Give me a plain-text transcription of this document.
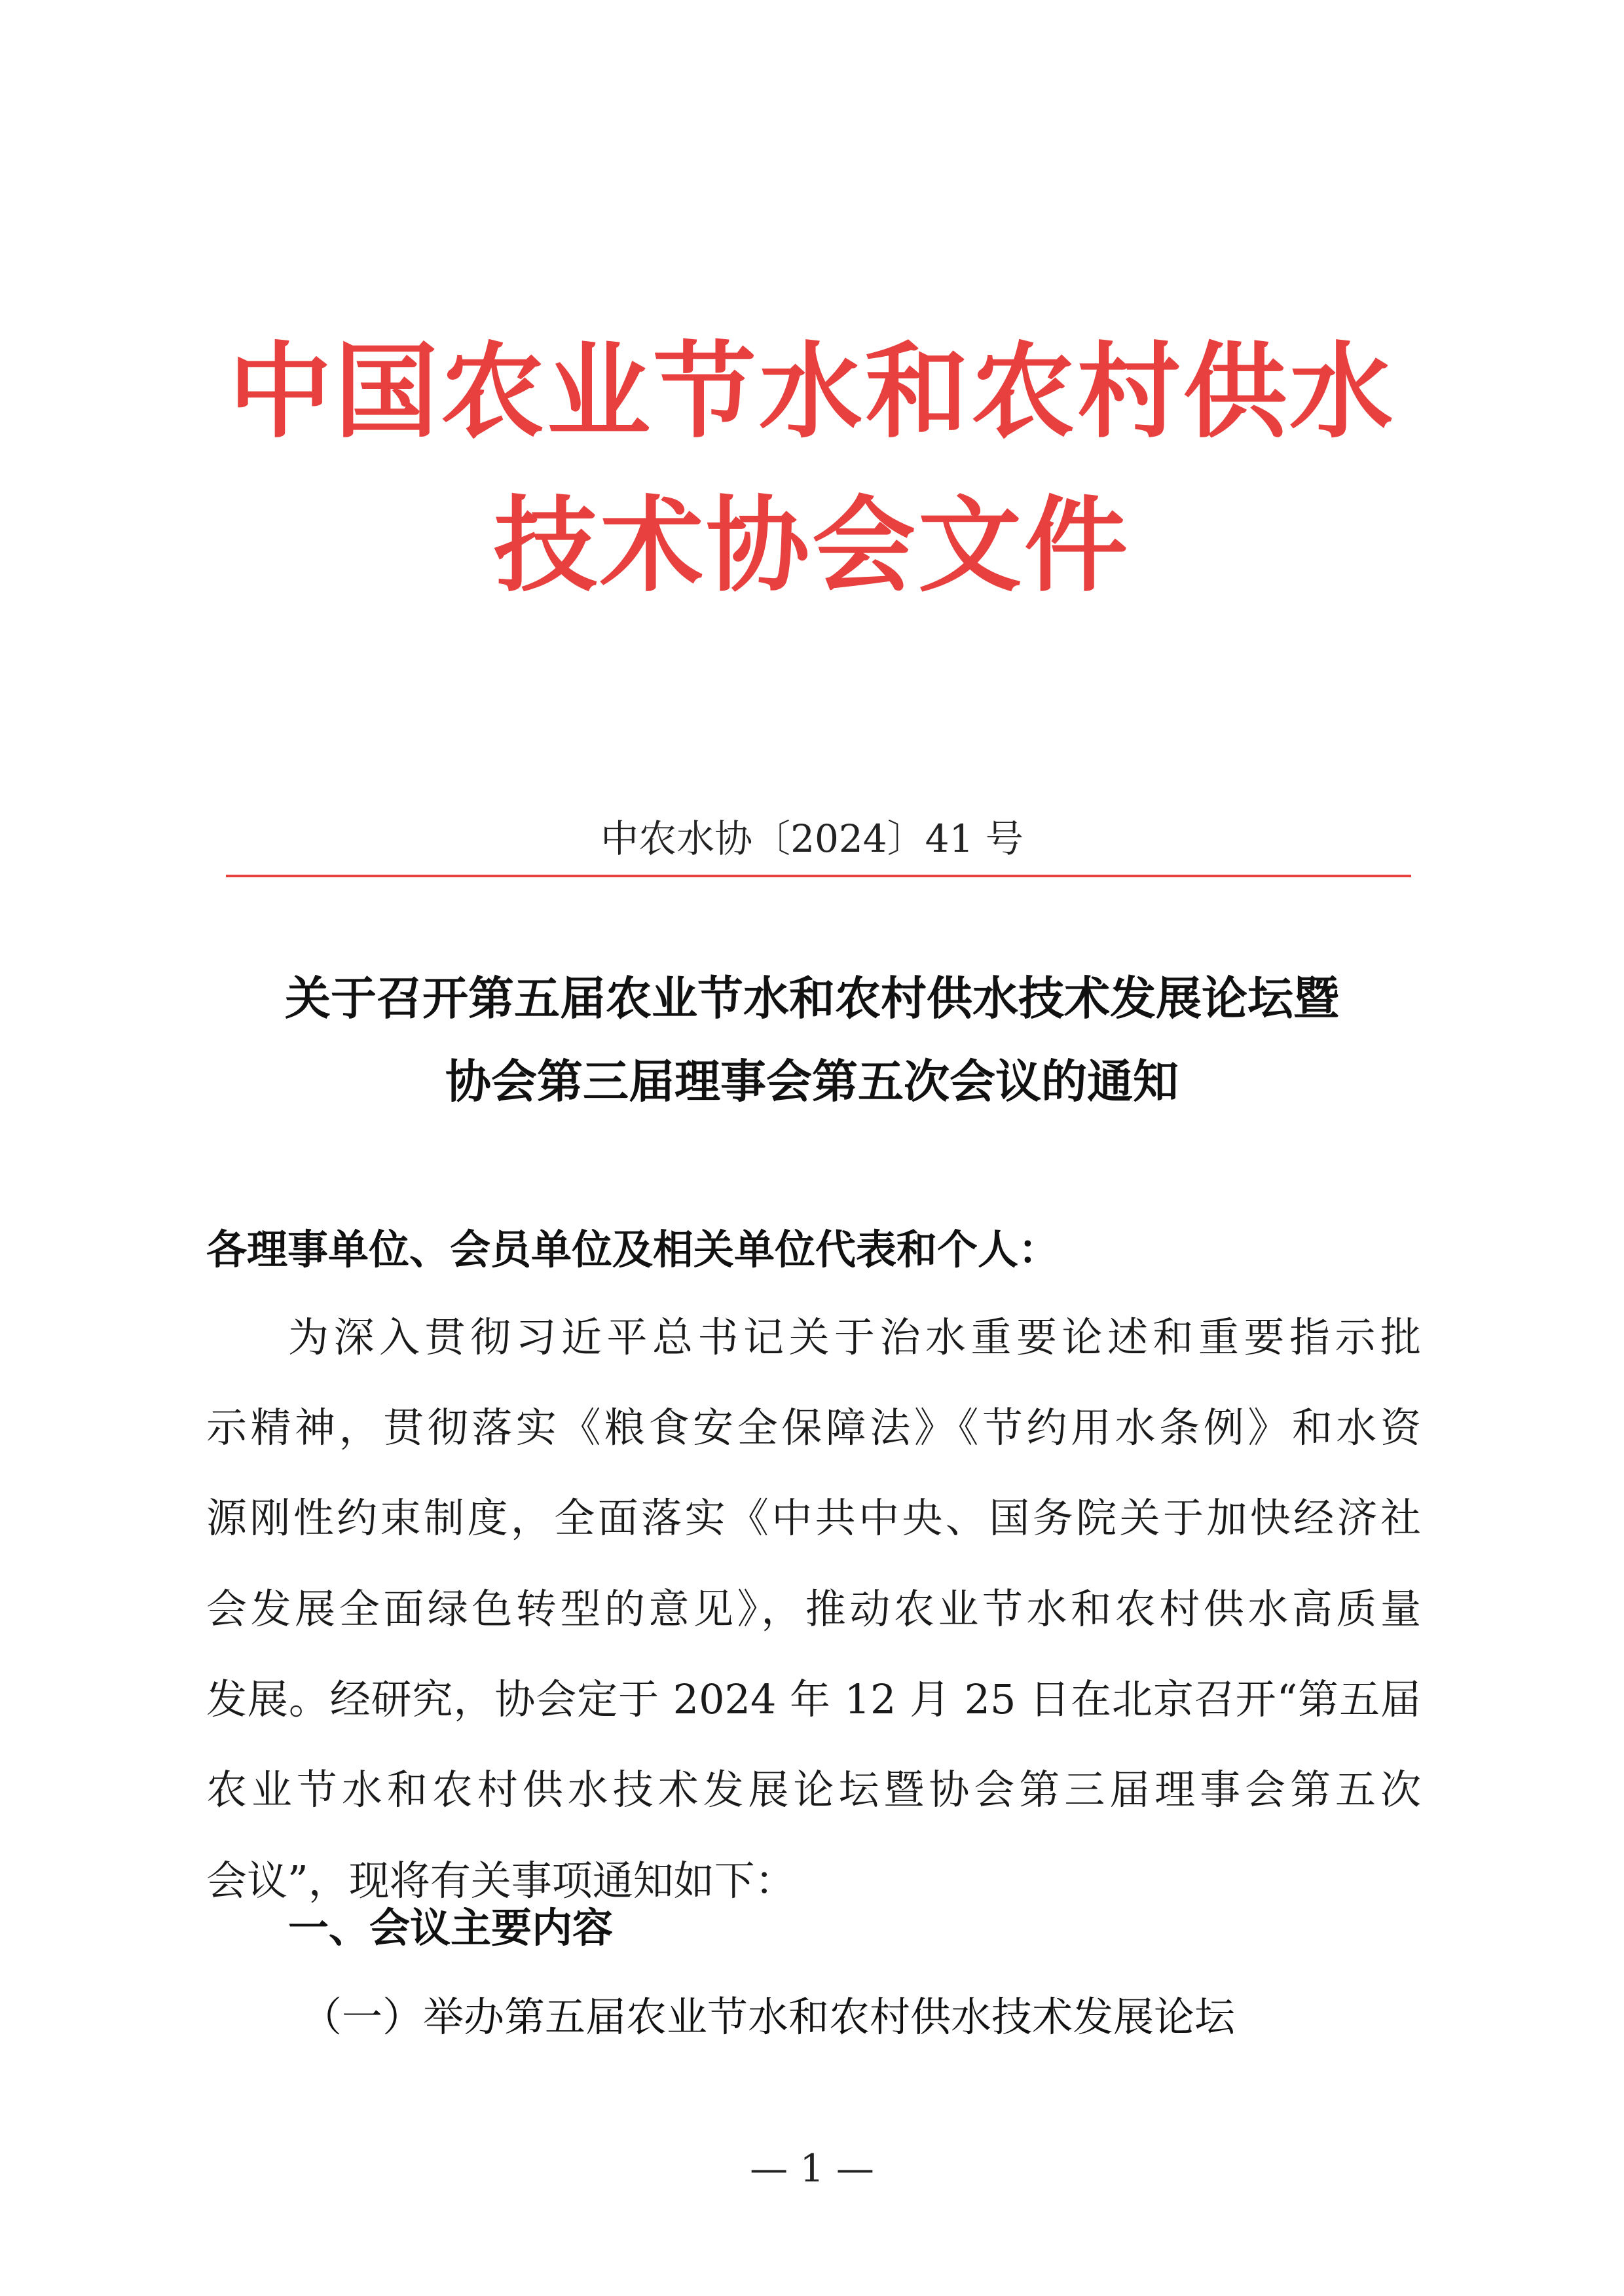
中国农业节水和农村供水
技术协会文件
中农水协〔2024〕41 号
关于召开第五届农业节水和农村供水技术发展论坛暨
协会第三届理事会第五次会议的通知
各理事单位、会员单位及相关单位代表和个人：
为深入贯彻习近平总书记关于治水重要论述和重要指示批
示精神，贯彻落实《粮食安全保障法》《节约用水条例》和水资
源刚性约束制度，全面落实《中共中央、国务院关于加快经济社
会发展全面绿色转型的意见》，推动农业节水和农村供水高质量
发展。经研究，协会定于 2024 年 12 月 25 日在北京召开“第五届
农业节水和农村供水技术发展论坛暨协会第三届理事会第五次
会议”，现将有关事项通知如下：
一、会议主要内容
（一）举办第五届农业节水和农村供水技术发展论坛
— 1 —
